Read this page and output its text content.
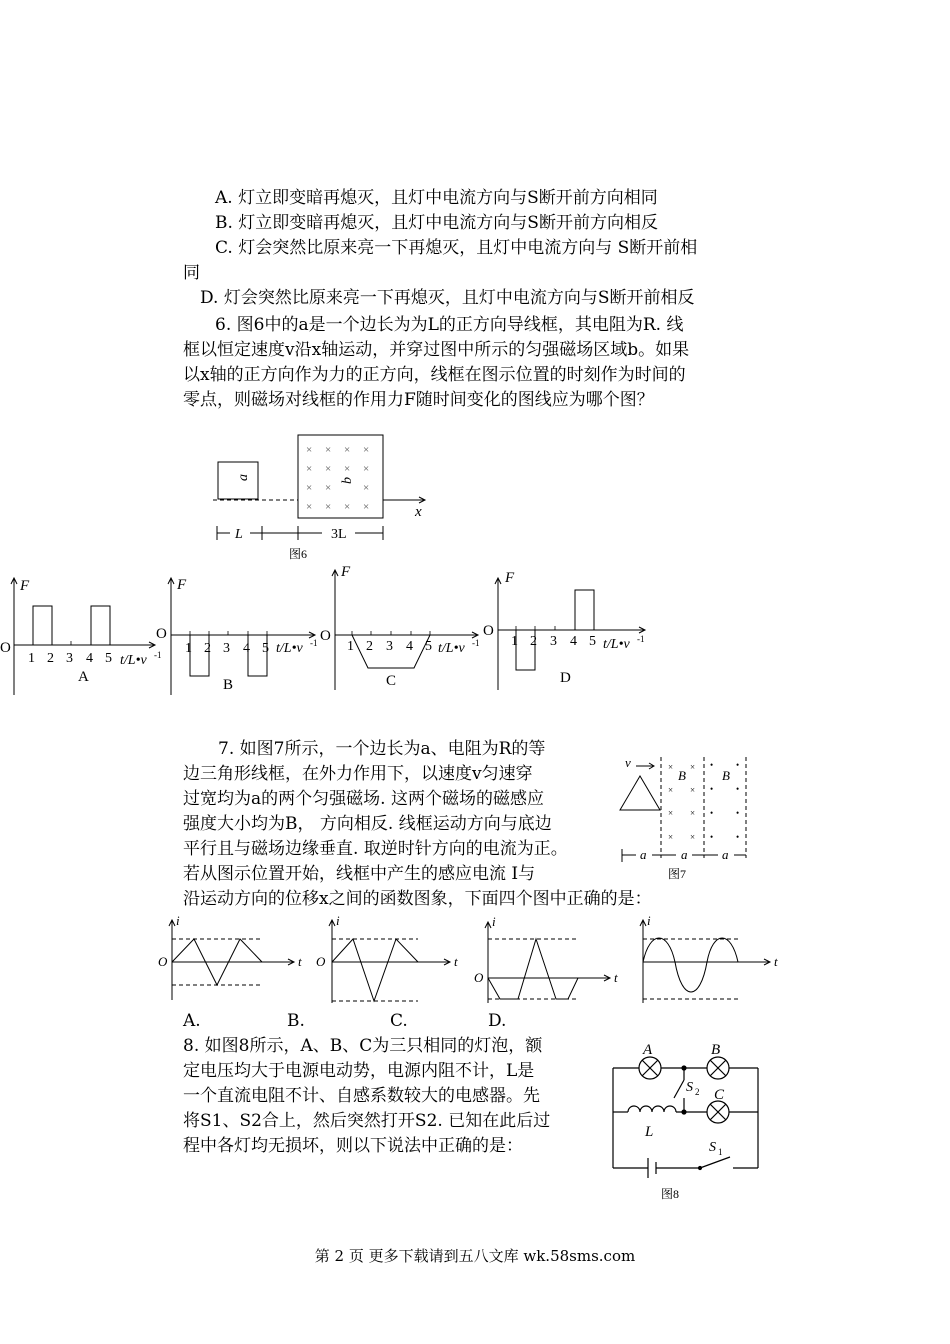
A. 灯立即变暗再熄灭，且灯中电流方向与S断开前方向相同
B. 灯立即变暗再熄灭，且灯中电流方向与S断开前方向相反
C. 灯会突然比原来亮一下再熄灭，且灯中电流方向与 S断开前相
同
D. 灯会突然比原来亮一下再熄灭，且灯中电流方向与S断开前相反
6. 图6中的a是一个边长为为L的正方向导线框，其电阻为R. 线
框以恒定速度v沿x轴运动，并穿过图中所示的匀强磁场区域b。如果
以x轴的正方向作为力的正方向，线框在图示位置的时刻作为时间的
零点，则磁场对线框的作用力F随时间变化的图线应为哪个图？
× × × ×
× × × ×
× ×	×
× × × ×
a	b
x
L	3L
图6
F
O
1 2 3 4 5 t/L•v -1
A
F
O
1 2 3 4 5 t/L•v -1
B
F
O
1 2 3 4 5 t/L•v -1
C
F
O
1 2 3 4 5 t/L•v -1
D
7. 如图7所示，一个边长为a、电阻为R的等
边三角形线框，在外力作用下，以速度v匀速穿
过宽均为a的两个匀强磁场. 这两个磁场的磁感应
强度大小均为B， 方向相反. 线框运动方向与底边
平行且与磁场边缘垂直. 取逆时针方向的电流为正。
若从图示位置开始，线框中产生的感应电流 I与
沿运动方向的位移x之间的函数图象，下面四个图中正确的是：
× ×
× ×
× ×
× ×
•	•
•	•
•	•
•	•
v
B	B
a	a	a
图7
i
O	t
i
O	t
i
O	t
i
t
A.	B.	C.	D.
8. 如图8所示，A、B、C为三只相同的灯泡，额
定电压均大于电源电动势，电源内阻不计，L是
一个直流电阻不计、自感系数较大的电感器。先
将S1、S2合上，然后突然打开S2. 已知在此后过
程中各灯均无损坏，则以下说法中正确的是：
A	B
C
L
S 2
S 1
图8
第 2 页 更多下载请到五八文库 wk.58sms.com
